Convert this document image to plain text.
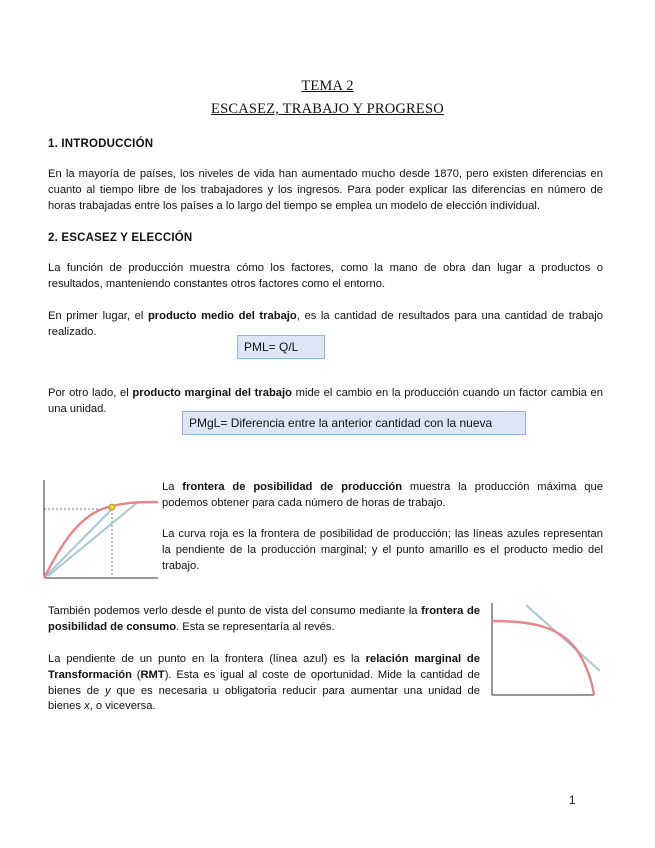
TEMA 2
ESCASEZ, TRABAJO Y PROGRESO
1. INTRODUCCIÓN
En la mayoría de países, los niveles de vida han aumentado mucho desde 1870, pero existen diferencias en cuanto al tiempo libre de los trabajadores y los ingresos. Para poder explicar las diferencias en número de horas trabajadas entre los países a lo largo del tiempo se emplea un modelo de elección individual.
2. ESCASEZ Y ELECCIÓN
La función de producción muestra cómo los factores, como la mano de obra dan lugar a productos o resultados, manteniendo constantes otros factores como el entorno.
En primer lugar, el producto medio del trabajo, es la cantidad de resultados para una cantidad de trabajo realizado.
PML= Q/L
Por otro lado, el producto marginal del trabajo mide el cambio en la producción cuando un factor cambia en una unidad.
PMgL= Diferencia entre la anterior cantidad con la nueva
La frontera de posibilidad de producción muestra la producción máxima que podemos obtener para cada número de horas de trabajo.
La curva roja es la frontera de posibilidad de producción; las líneas azules representan la pendiente de la producción marginal; y el punto amarillo es el producto medio del trabajo.
También podemos verlo desde el punto de vista del consumo mediante la frontera de posibilidad de consumo. Esta se representaría al revés.
La pendiente de un punto en la frontera (línea azul) es la relación marginal de Transformación (RMT). Esta es igual al coste de oportunidad. Mide la cantidad de bienes de y que es necesaria u obligatoria reducir para aumentar una unidad de bienes x, o viceversa.
1
